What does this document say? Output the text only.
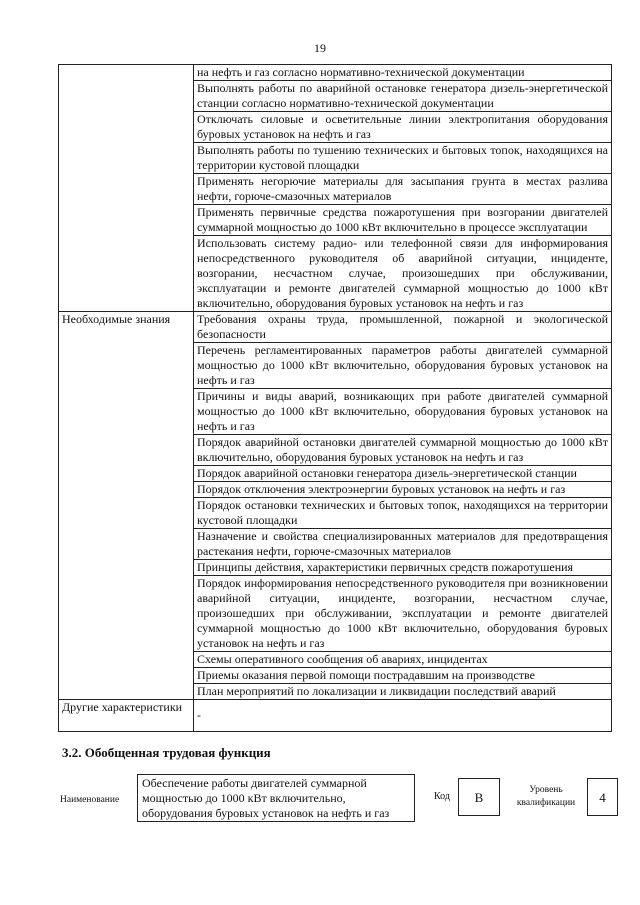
19
	на нефть и газ согласно нормативно-технической документации
	Выполнять работы по аварийной остановке генератора дизель-энергетической станции согласно нормативно-технической документации
	Отключать силовые и осветительные линии электропитания оборудования буровых установок на нефть и газ
	Выполнять работы по тушению технических и бытовых топок, находящихся на территории кустовой площадки
	Применять негорючие материалы для засыпания грунта в местах разлива нефти, горюче-смазочных материалов
	Применять первичные средства пожаротушения при возгорании двигателей суммарной мощностью до 1000 кВт включительно в процессе эксплуатации
	Использовать систему радио- или телефонной связи для информирования непосредственного руководителя об аварийной ситуации, инциденте, возгорании, несчастном случае, произошедших при обслуживании, эксплуатации и ремонте двигателей суммарной мощностью до 1000 кВт включительно, оборудования буровых установок на нефть и газ
Необходимые знания	Требования охраны труда, промышленной, пожарной и экологической безопасности
	Перечень регламентированных параметров работы двигателей суммарной мощностью до 1000 кВт включительно, оборудования буровых установок на нефть и газ
	Причины и виды аварий, возникающих при работе двигателей суммарной мощностью до 1000 кВт включительно, оборудования буровых установок на нефть и газ
	Порядок аварийной остановки двигателей суммарной мощностью до 1000 кВт включительно, оборудования буровых установок на нефть и газ
	Порядок аварийной остановки генератора дизель-энергетической станции
	Порядок отключения электроэнергии буровых установок на нефть и газ
	Порядок остановки технических и бытовых топок, находящихся на территории кустовой площадки
	Назначение и свойства специализированных материалов для предотвращения растекания нефти, горюче-смазочных материалов
	Принципы действия, характеристики первичных средств пожаротушения
	Порядок информирования непосредственного руководителя при возникновении аварийной ситуации, инциденте, возгорании, несчастном случае, произошедших при обслуживании, эксплуатации и ремонте двигателей суммарной мощностью до 1000 кВт включительно, оборудования буровых установок на нефть и газ
	Схемы оперативного сообщения об авариях, инцидентах
	Приемы оказания первой помощи пострадавшим на производстве
	План мероприятий по локализации и ликвидации последствий аварий
Другие характеристики	-
3.2. Обобщенная трудовая функция
Наименование
Обеспечение работы двигателей суммарной мощностью до 1000 кВт включительно, оборудования буровых установок на нефть и газ
Код	B	Уровень квалификации	4
